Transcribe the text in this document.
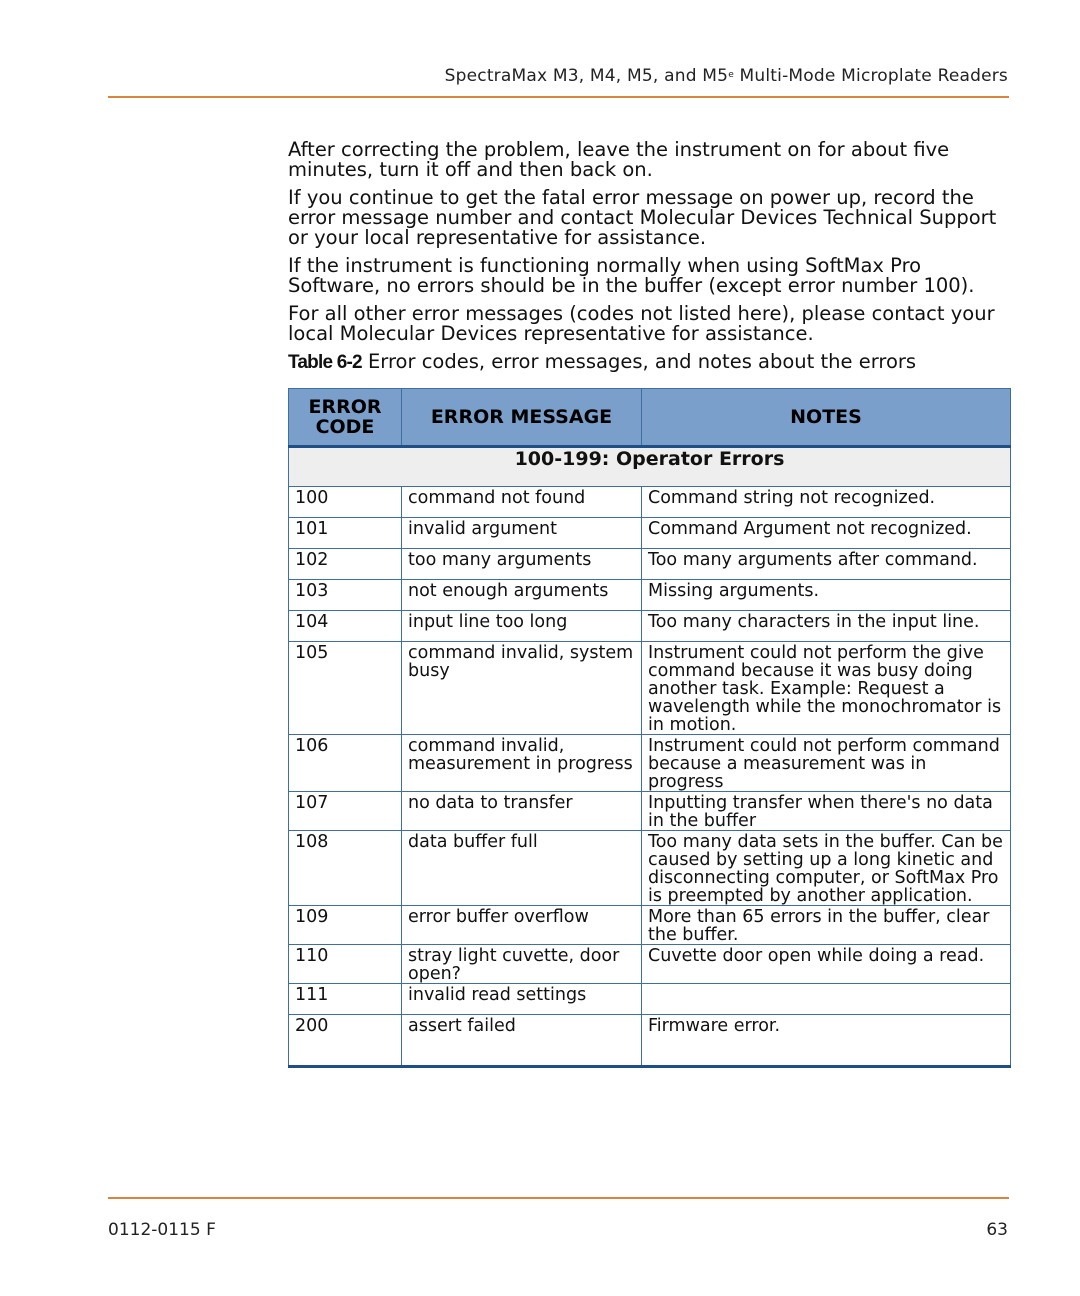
SpectraMax M3, M4, M5, and M5e Multi-Mode Microplate Readers

After correcting the problem, leave the instrument on for about five minutes, turn it off and then back on.

If you continue to get the fatal error message on power up, record the error message number and contact Molecular Devices Technical Support or your local representative for assistance.

If the instrument is functioning normally when using SoftMax Pro Software, no errors should be in the buffer (except error number 100).

For all other error messages (codes not listed here), please contact your local Molecular Devices representative for assistance.

Table 6-2 Error codes, error messages, and notes about the errors

ERROR CODE	ERROR MESSAGE	NOTES
100-199: Operator Errors		
100	command not found	Command string not recognized.
101	invalid argument	Command Argument not recognized.
102	too many arguments	Too many arguments after command.
103	not enough arguments	Missing arguments.
104	input line too long	Too many characters in the input line.
105	command invalid, system busy	Instrument could not perform the give command because it was busy doing another task. Example: Request a wavelength while the monochromator is in motion.
106	command invalid, measurement in progress	Instrument could not perform command because a measurement was in progress
107	no data to transfer	Inputting transfer when there's no data in the buffer
108	data buffer full	Too many data sets in the buffer. Can be caused by setting up a long kinetic and disconnecting computer, or SoftMax Pro is preempted by another application.
109	error buffer overflow	More than 65 errors in the buffer, clear the buffer.
110	stray light cuvette, door open?	Cuvette door open while doing a read.
111	invalid read settings	
200	assert failed	Firmware error.
0112-0115 F	63
